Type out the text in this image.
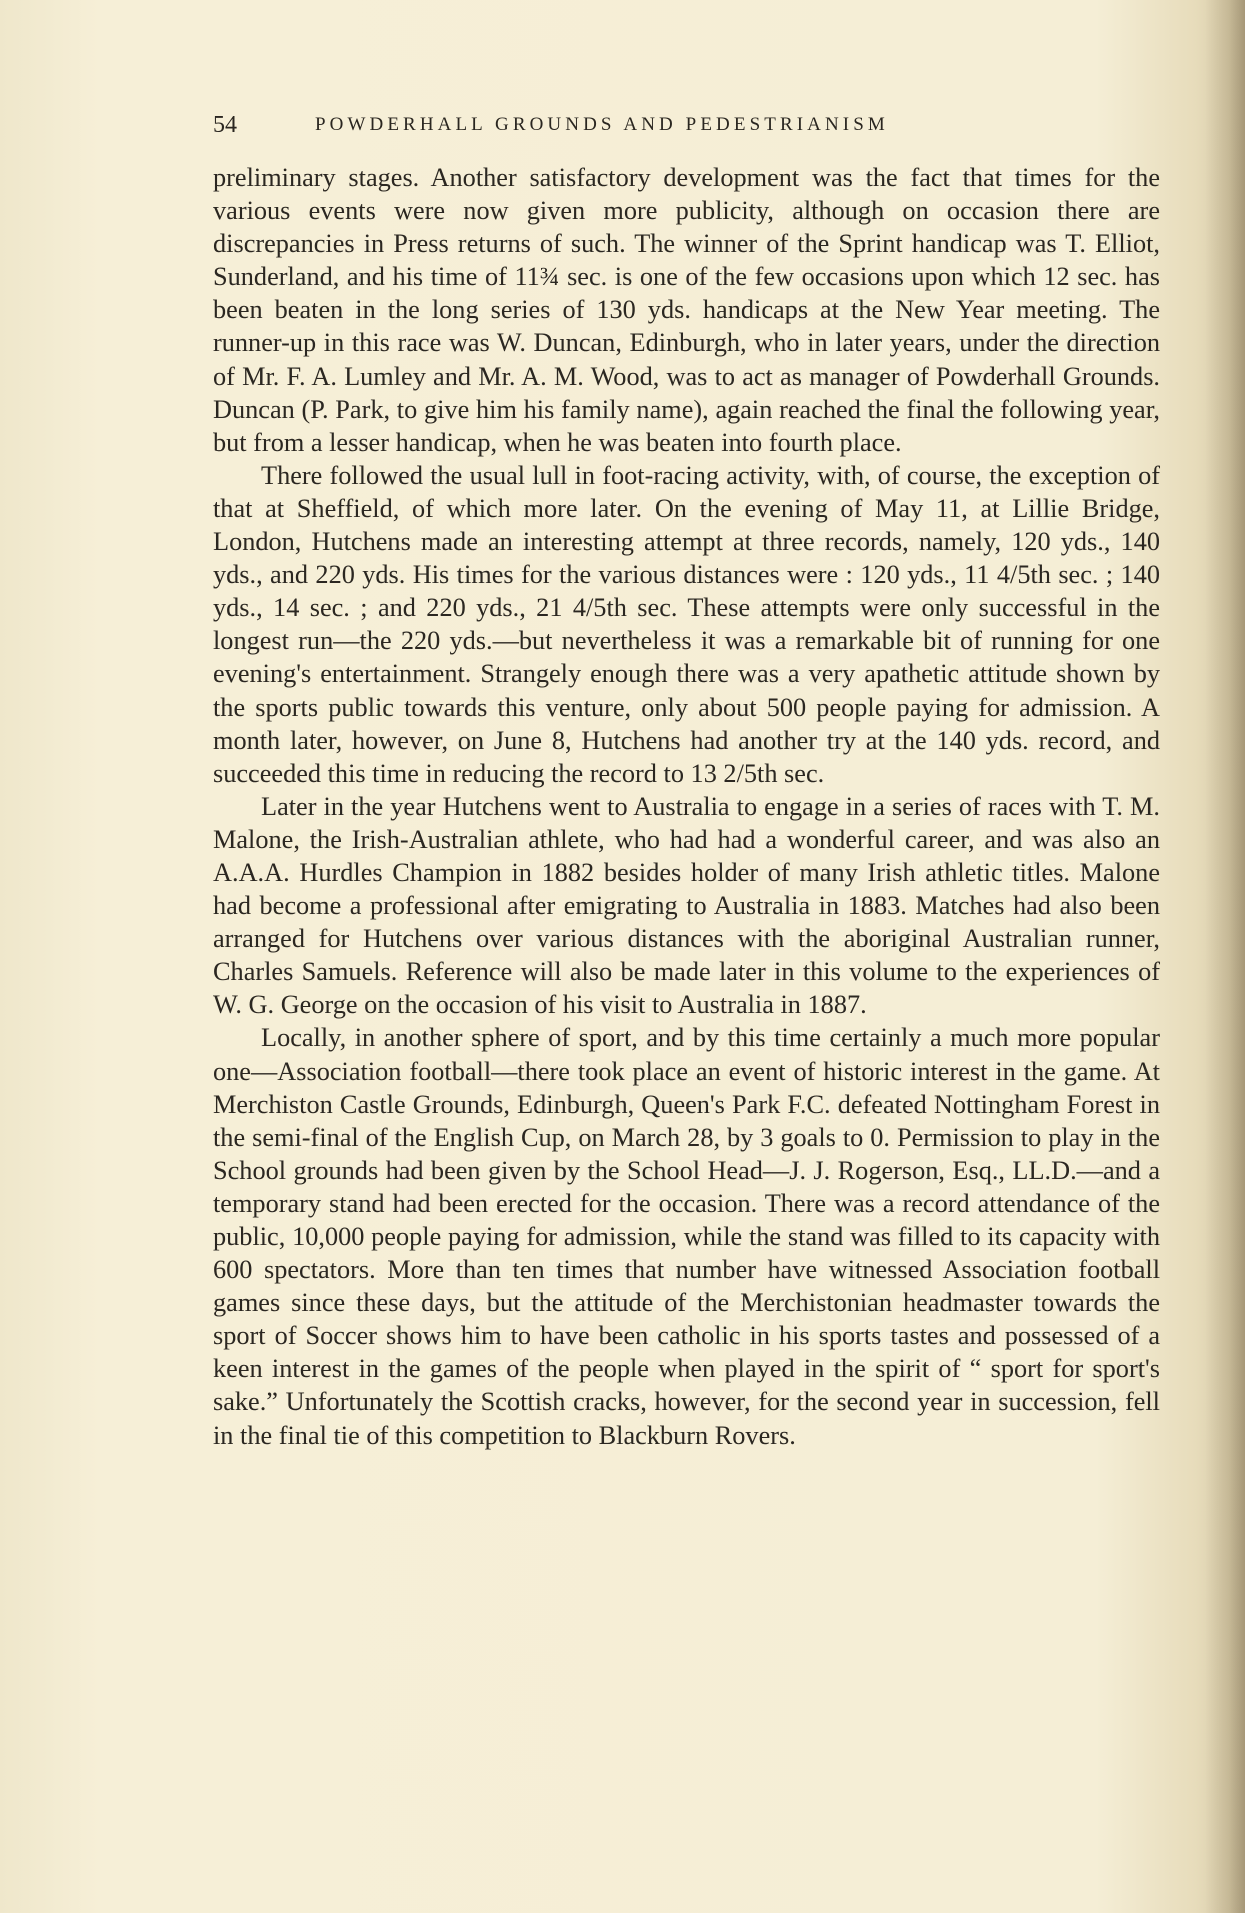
54	POWDERHALL GROUNDS AND PEDESTRIANISM

preliminary stages. Another satisfactory development was the fact that times for the various events were now given more publicity, although on occasion there are discrepancies in Press returns of such. The winner of the Sprint handicap was T. Elliot, Sunderland, and his time of 11¾ sec. is one of the few occasions upon which 12 sec. has been beaten in the long series of 130 yds. handicaps at the New Year meeting. The runner-up in this race was W. Duncan, Edinburgh, who in later years, under the direction of Mr. F. A. Lumley and Mr. A. M. Wood, was to act as manager of Powderhall Grounds. Duncan (P. Park, to give him his family name), again reached the final the following year, but from a lesser handicap, when he was beaten into fourth place.

There followed the usual lull in foot-racing activity, with, of course, the exception of that at Sheffield, of which more later. On the evening of May 11, at Lillie Bridge, London, Hutchens made an interesting attempt at three records, namely, 120 yds., 140 yds., and 220 yds. His times for the various distances were : 120 yds., 11 4/5th sec. ; 140 yds., 14 sec. ; and 220 yds., 21 4/5th sec. These attempts were only successful in the longest run—the 220 yds.—but nevertheless it was a remarkable bit of running for one evening's entertainment. Strangely enough there was a very apathetic attitude shown by the sports public towards this venture, only about 500 people paying for admission. A month later, however, on June 8, Hutchens had another try at the 140 yds. record, and succeeded this time in reducing the record to 13 2/5th sec.

Later in the year Hutchens went to Australia to engage in a series of races with T. M. Malone, the Irish-Australian athlete, who had had a wonderful career, and was also an A.A.A. Hurdles Champion in 1882 besides holder of many Irish athletic titles. Malone had become a professional after emigrating to Australia in 1883. Matches had also been arranged for Hutchens over various distances with the aboriginal Australian runner, Charles Samuels. Reference will also be made later in this volume to the experiences of W. G. George on the occasion of his visit to Australia in 1887.

Locally, in another sphere of sport, and by this time certainly a much more popular one—Association football—there took place an event of historic interest in the game. At Merchiston Castle Grounds, Edinburgh, Queen's Park F.C. defeated Nottingham Forest in the semi-final of the English Cup, on March 28, by 3 goals to 0. Permission to play in the School grounds had been given by the School Head—J. J. Rogerson, Esq., LL.D.—and a temporary stand had been erected for the occasion. There was a record attendance of the public, 10,000 people paying for admission, while the stand was filled to its capacity with 600 spectators. More than ten times that number have witnessed Association football games since these days, but the attitude of the Merchistonian headmaster towards the sport of Soccer shows him to have been catholic in his sports tastes and possessed of a keen interest in the games of the people when played in the spirit of “ sport for sport's sake.” Unfortunately the Scottish cracks, however, for the second year in succession, fell in the final tie of this competition to Blackburn Rovers.
